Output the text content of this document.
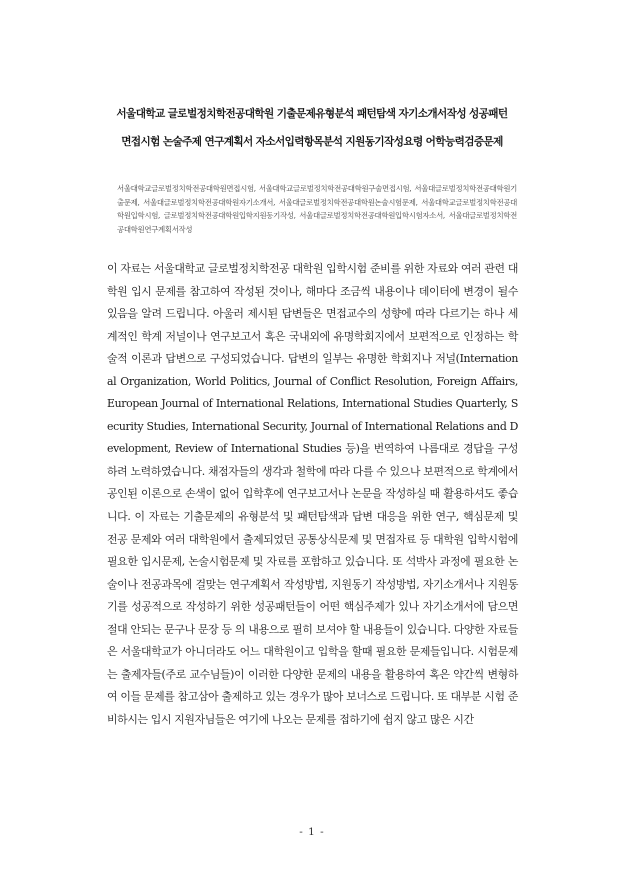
서울대학교 글로벌정치학전공대학원 기출문제유형분석 패턴탐색 자기소개서작성 성공패턴
면접시험 논술주제 연구계획서 자소서입력항목분석 지원동기작성요령 어학능력검증문제
서울대학교글로벌정치학전공대학원면접시험, 서울대학교글로벌정치학전공대학원구술면접시험, 서울대글로벌정치학전공대학원기출문제, 서울대글로벌정치학전공대학원자기소개서, 서울대글로벌정치학전공대학원논술시험문제, 서울대학교글로벌정치학전공대학원입학시험, 글로벌정치학전공대학원입학지원동기작성, 서울대글로벌정치학전공대학원입학시험자소서, 서울대글로벌정치학전공대학원연구계획서작성
이 자료는 서울대학교 글로벌정치학전공 대학원 입학시험 준비를 위한 자료와 여러 관련 대학원 입시 문제를 참고하여 작성된 것이나, 해마다 조금씩 내용이나 데이터에 변경이 될수 있음을 알려 드립니다. 아울러 제시된 답변들은 면접교수의 성향에 따라 다르기는 하나 세계적인 학계 저널이나 연구보고서 혹은 국내외에 유명학회지에서 보편적으로 인정하는 학술적 이론과 답변으로 구성되었습니다. 답변의 일부는 유명한 학회지나 저널(International Organization, World Politics, Journal of Conflict Resolution, Foreign Affairs, European Journal of International Relations, International Studies Quarterly, Security Studies, International Security, Journal of International Relations and Development, Review of International Studies 등)을 번역하여 나름대로 경답을 구성하려 노력하였습니다. 채점자들의 생각과 철학에 따라 다를 수 있으나 보편적으로 학계에서 공인된 이론으로 손색이 없어 입학후에 연구보고서나 논문을 작성하실 때 활용하셔도 좋습니다. 이 자료는 기출문제의 유형분석 및 패턴탐색과 답변 대응을 위한 연구, 핵심문제 및 전공 문제와 여러 대학원에서 출제되었던 공통상식문제 및 면접자료 등 대학원 입학시험에 필요한 입시문제, 논술시험문제 및 자료를 포함하고 있습니다. 또 석박사 과정에 필요한 논술이나 전공과목에 걸맞는 연구계획서 작성방법, 지원동기 작성방법, 자기소개서나 지원동기를 성공적으로 작성하기 위한 성공패턴들이 어떤 핵심주제가 있나 자기소개서에 담으면 절대 안되는 문구나 문장 등 의 내용으로 필히 보셔야 할 내용들이 있습니다. 다양한 자료들은 서울대학교가 아니더라도 어느 대학원이고 입학을 할때 필요한 문제들입니다. 시험문제는 출제자들(주로 교수님들)이 이러한 다양한 문제의 내용을 활용하여 혹은 약간씩 변형하여 이들 문제를 참고삼아 출제하고 있는 경우가 많아 보너스로 드립니다. 또 대부분 시험 준비하시는 입시 지원자님들은 여기에 나오는 문제를 접하기에 쉽지 않고 많은 시간
- 1 -
